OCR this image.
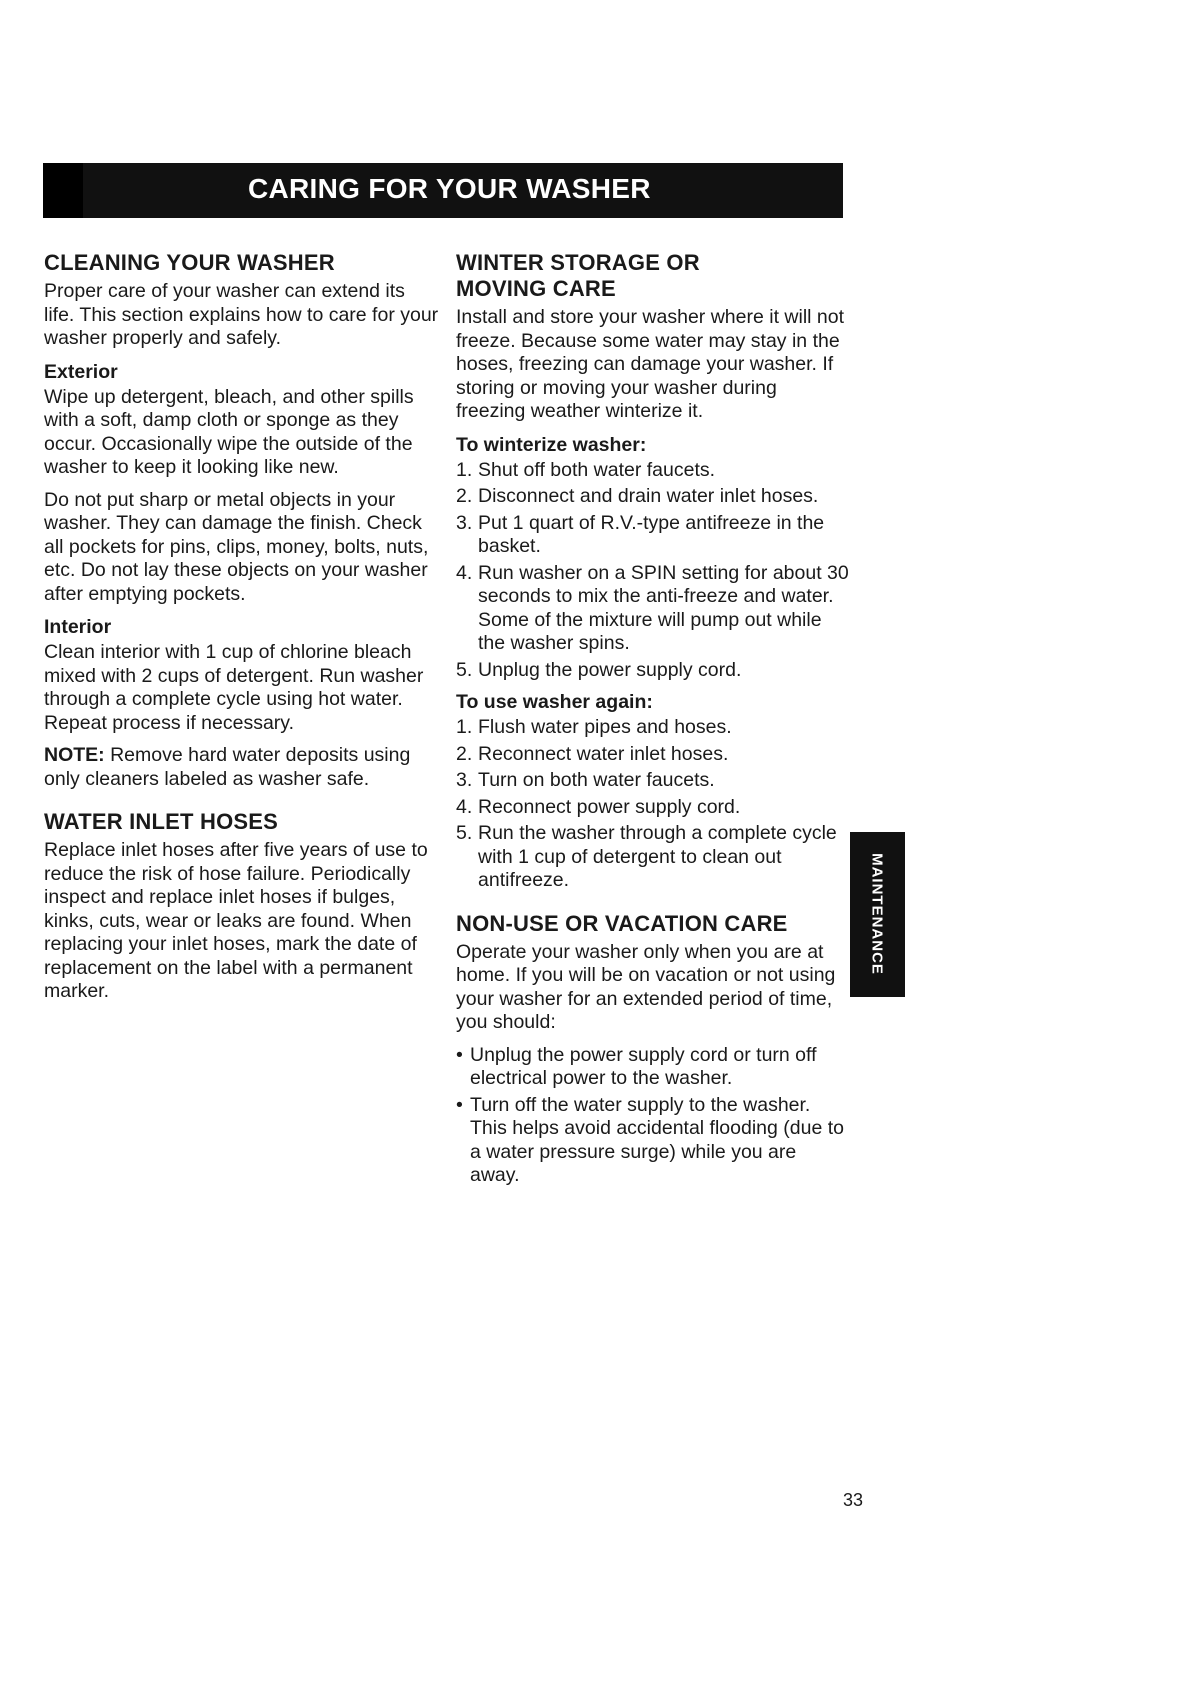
CARING FOR YOUR WASHER
CLEANING YOUR WASHER

Proper care of your washer can extend its life. This section explains how to care for your washer properly and safely.

Exterior

Wipe up detergent, bleach, and other spills with a soft, damp cloth or sponge as they occur. Occasionally wipe the outside of the washer to keep it looking like new.

Do not put sharp or metal objects in your washer. They can damage the finish. Check all pockets for pins, clips, money, bolts, nuts, etc. Do not lay these objects on your washer after emptying pockets.

Interior

Clean interior with 1 cup of chlorine bleach mixed with 2 cups of detergent. Run washer through a complete cycle using hot water. Repeat process if necessary.

NOTE: Remove hard water deposits using only cleaners labeled as washer safe.

WATER INLET HOSES

Replace inlet hoses after five years of use to reduce the risk of hose failure. Periodically inspect and replace inlet hoses if bulges, kinks, cuts, wear or leaks are found. When replacing your inlet hoses, mark the date of replacement on the label with a permanent marker.

WINTER STORAGE OR
MOVING CARE

Install and store your washer where it will not freeze. Because some water may stay in the hoses, freezing can damage your washer. If storing or moving your washer during freezing weather winterize it.

To winterize washer:
1. Shut off both water faucets.
2. Disconnect and drain water inlet hoses.
3. Put 1 quart of R.V.-type antifreeze in the basket.
4. Run washer on a SPIN setting for about 30 seconds to mix the anti-freeze and water. Some of the mixture will pump out while the washer spins.
5. Unplug the power supply cord.
To use washer again:
1. Flush water pipes and hoses.
2. Reconnect water inlet hoses.
3. Turn on both water faucets.
4. Reconnect power supply cord.
5. Run the washer through a complete cycle with 1 cup of detergent to clean out antifreeze.
NON-USE OR VACATION CARE

Operate your washer only when you are at home. If you will be on vacation or not using your washer for an extended period of time, you should:

• Unplug the power supply cord or turn off electrical power to the washer.
• Turn off the water supply to the washer. This helps avoid accidental flooding (due to a water pressure surge) while you are away.
MAINTENANCE
33
